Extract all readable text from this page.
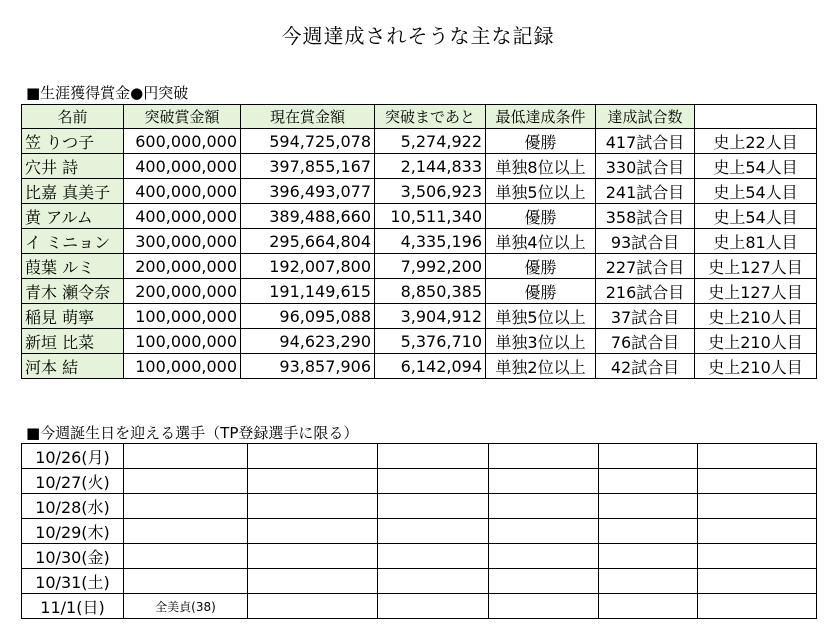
今週達成されそうな主な記録
■生涯獲得賞金●円突破
名前	突破賞金額	現在賞金額	突破まであと	最低達成条件	達成試合数	
笠 りつ子	600,000,000	594,725,078	5,274,922	優勝	417試合目	史上22人目
穴井 詩	400,000,000	397,855,167	2,144,833	単独8位以上	330試合目	史上54人目
比嘉 真美子	400,000,000	396,493,077	3,506,923	単独5位以上	241試合目	史上54人目
黄 アルム	400,000,000	389,488,660	10,511,340	優勝	358試合目	史上54人目
イ ミニョン	300,000,000	295,664,804	4,335,196	単独4位以上	93試合目	史上81人目
葭葉 ルミ	200,000,000	192,007,800	7,992,200	優勝	227試合目	史上127人目
青木 瀬令奈	200,000,000	191,149,615	8,850,385	優勝	216試合目	史上127人目
稲見 萌寧	100,000,000	96,095,088	3,904,912	単独5位以上	37試合目	史上210人目
新垣 比菜	100,000,000	94,623,290	5,376,710	単独3位以上	76試合目	史上210人目
河本 結	100,000,000	93,857,906	6,142,094	単独2位以上	42試合目	史上210人目
■今週誕生日を迎える選手（TP登録選手に限る）
10/26(月)						
10/27(火)						
10/28(水)						
10/29(木)						
10/30(金)						
10/31(土)						
11/1(日)	全美貞(38)					
